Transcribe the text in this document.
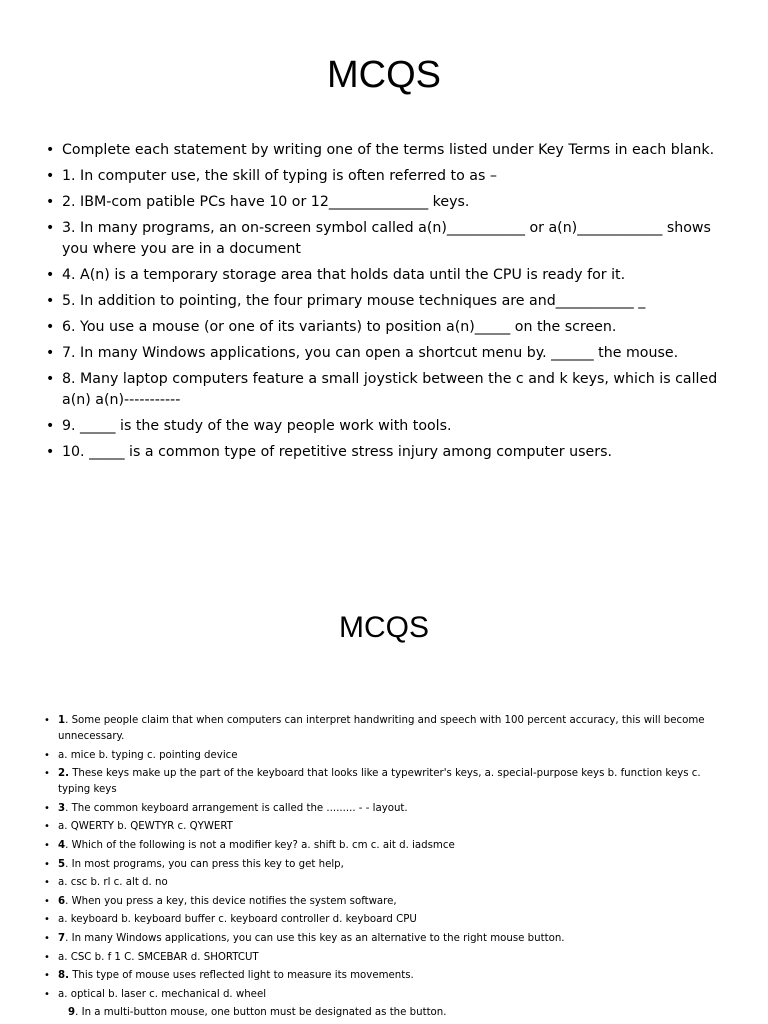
MCQS
• Complete each statement by writing one of the terms listed under Key Terms in each blank.
• 1. In computer use, the skill of typing is often referred to as –
• 2. IBM-com patible PCs have 10 or 12______________ keys.
• 3. In many programs, an on-screen symbol called a(n)___________ or a(n)____________ shows you where you are in a document
• 4. A(n) is a temporary storage area that holds data until the CPU is ready for it.
• 5. In addition to pointing, the four primary mouse techniques are and___________ _
• 6. You use a mouse (or one of its variants) to position a(n)_____ on the screen.
• 7. In many Windows applications, you can open a shortcut menu by. ______ the mouse.
• 8. Many laptop computers feature a small joystick between the c and k keys, which is called a(n) a(n)-----------
• 9. _____ is the study of the way people work with tools.
• 10. _____ is a common type of repetitive stress injury among computer users.
MCQS
• 1. Some people claim that when computers can interpret handwriting and speech with 100 percent accuracy, this will become unnecessary.
• a. mice b. typing c. pointing device
• 2. These keys make up the part of the keyboard that looks like a typewriter's keys, a. special-purpose keys b. function keys c. typing keys
• 3. The common keyboard arrangement is called the ......... - - layout.
• a. QWERTY b. QEWTYR c. QYWERT
• 4. Which of the following is not a modifier key? a. shift b. cm c. ait d. iadsmce
• 5. In most programs, you can press this key to get help,
• a. csc b. rl c. alt d. no
• 6. When you press a key, this device notifies the system software,
• a. keyboard b. keyboard buffer c. keyboard controller d. keyboard CPU
• 7. In many Windows applications, you can use this key as an alternative to the right mouse button.
• a. CSC b. f 1 C. SMCEBAR d. SHORTCUT
• 8. This type of mouse uses reflected light to measure its movements.
• a. optical b. laser c. mechanical d. wheel
9. In a multi-button mouse, one button must be designated as the button.
